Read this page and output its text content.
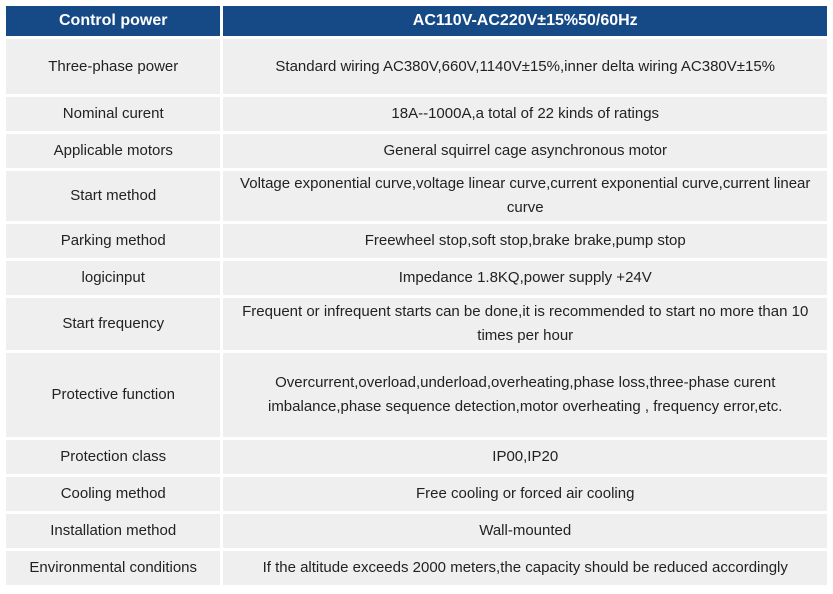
Control power	AC110V-AC220V±15%50/60Hz
Three-phase power	Standard wiring AC380V,660V,1140V±15%,inner delta wiring AC380V±15%
Nominal curent	18A--1000A,a total of 22 kinds of ratings
Applicable motors	General squirrel cage asynchronous motor
Start method	Voltage exponential curve,voltage linear curve,current exponential curve,current linear curve
Parking method	Freewheel stop,soft stop,brake brake,pump stop
logicinput	Impedance 1.8KQ,power supply +24V
Start frequency	Frequent or infrequent starts can be done,it is recommended to start no more than 10 times per hour
Protective function	Overcurrent,overload,underload,overheating,phase loss,three-phase curent imbalance,phase sequence detection,motor overheating , frequency error,etc.
Protection class	IP00,IP20
Cooling method	Free cooling or forced air cooling
Installation method	Wall-mounted
Environmental conditions	If the altitude exceeds 2000 meters,the capacity should be reduced accordingly
